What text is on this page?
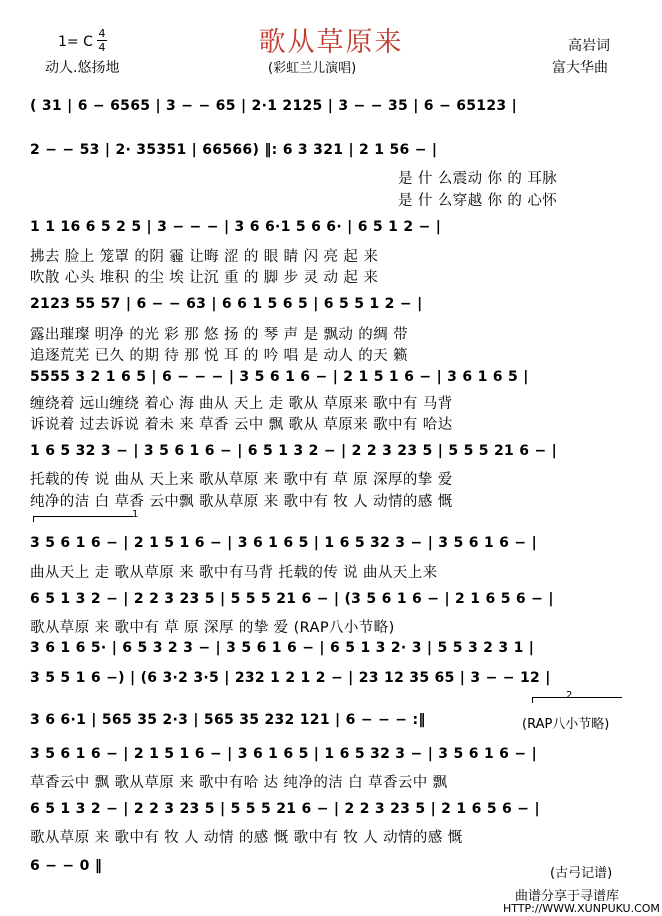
1= C
4
4	歌从草原来	高岩词
动人.悠扬地	(彩虹兰儿演唱)	富大华曲
( 31 | 6 − 6565 | 3 − − 65 | 2·1 2125 | 3 − − 35 | 6 − 65123 |
2 − − 53 | 2· 35351 | 66566) ‖: 6 3 321 | 2 1 56 − |
是 什 么震动 你 的 耳脉
是 什 么穿越 你 的 心怀
1 1 16 6 5 2 5 | 3 − − − | 3 6 6·1 5 6 6· | 6 5 1 2 − |
拂去 脸上 笼罩 的阴 霾 让晦 涩 的 眼 睛 闪 亮 起 来
吹散 心头 堆积 的尘 埃 让沉 重 的 脚 步 灵 动 起 来
2123 55 57 | 6 − − 63 | 6 6 1 5 6 5 | 6 5 5 1 2 − |
露出璀璨 明净 的光 彩 那 悠 扬 的 琴 声 是 飘动 的绸 带
追逐荒芜 已久 的期 待 那 悦 耳 的 吟 唱 是 动人 的天 籁
5555 3 2 1 6 5 | 6 − − − | 3 5 6 1 6 − | 2 1 5 1 6 − | 3 6 1 6 5 |
缠绕着 远山缠绕 着心 海 曲从 天上 走 歌从 草原来 歌中有 马背
诉说着 过去诉说 着未 来 草香 云中 飘 歌从 草原来 歌中有 哈达
1 6 5 32 3 − | 3 5 6 1 6 − | 6 5 1 3 2 − | 2 2 3 23 5 | 5 5 5 21 6 − |
托载的传 说 曲从 天上来 歌从草原 来 歌中有 草 原 深厚的挚 爱
纯净的洁 白 草香 云中飘 歌从草原 来 歌中有 牧 人 动情的感 慨
1
3 5 6 1 6 − | 2 1 5 1 6 − | 3 6 1 6 5 | 1 6 5 32 3 − | 3 5 6 1 6 − |
曲从天上 走 歌从草原 来 歌中有马背 托载的传 说 曲从天上来
6 5 1 3 2 − | 2 2 3 23 5 | 5 5 5 21 6 − | (3 5 6 1 6 − | 2 1 6 5 6 − |
歌从草原 来 歌中有 草 原 深厚 的挚 爱 (RAP八小节略)
3 6 1 6 5· | 6 5 3 2 3 − | 3 5 6 1 6 − | 6 5 1 3 2· 3 | 5 5 3 2 3 1 |
3 5 5 1 6 −) | (6 3·2 3·5 | 232 1 2 1 2 − | 23 12 35 65 | 3 − − 12 |
2
3 6 6·1 | 565 35 2·3 | 565 35 232 121 | 6 − − − :‖	(RAP八小节略)
3 5 6 1 6 − | 2 1 5 1 6 − | 3 6 1 6 5 | 1 6 5 32 3 − | 3 5 6 1 6 − |
草香云中 飘 歌从草原 来 歌中有哈 达 纯净的洁 白 草香云中 飘
6 5 1 3 2 − | 2 2 3 23 5 | 5 5 5 21 6 − | 2 2 3 23 5 | 2 1 6 5 6 − |
歌从草原 来 歌中有 牧 人 动情 的感 慨 歌中有 牧 人 动情的感 慨
6 − − 0 ‖	(古弓记谱)
曲谱分享于寻谱库
HTTP://WWW.XUNPUKU.COM
